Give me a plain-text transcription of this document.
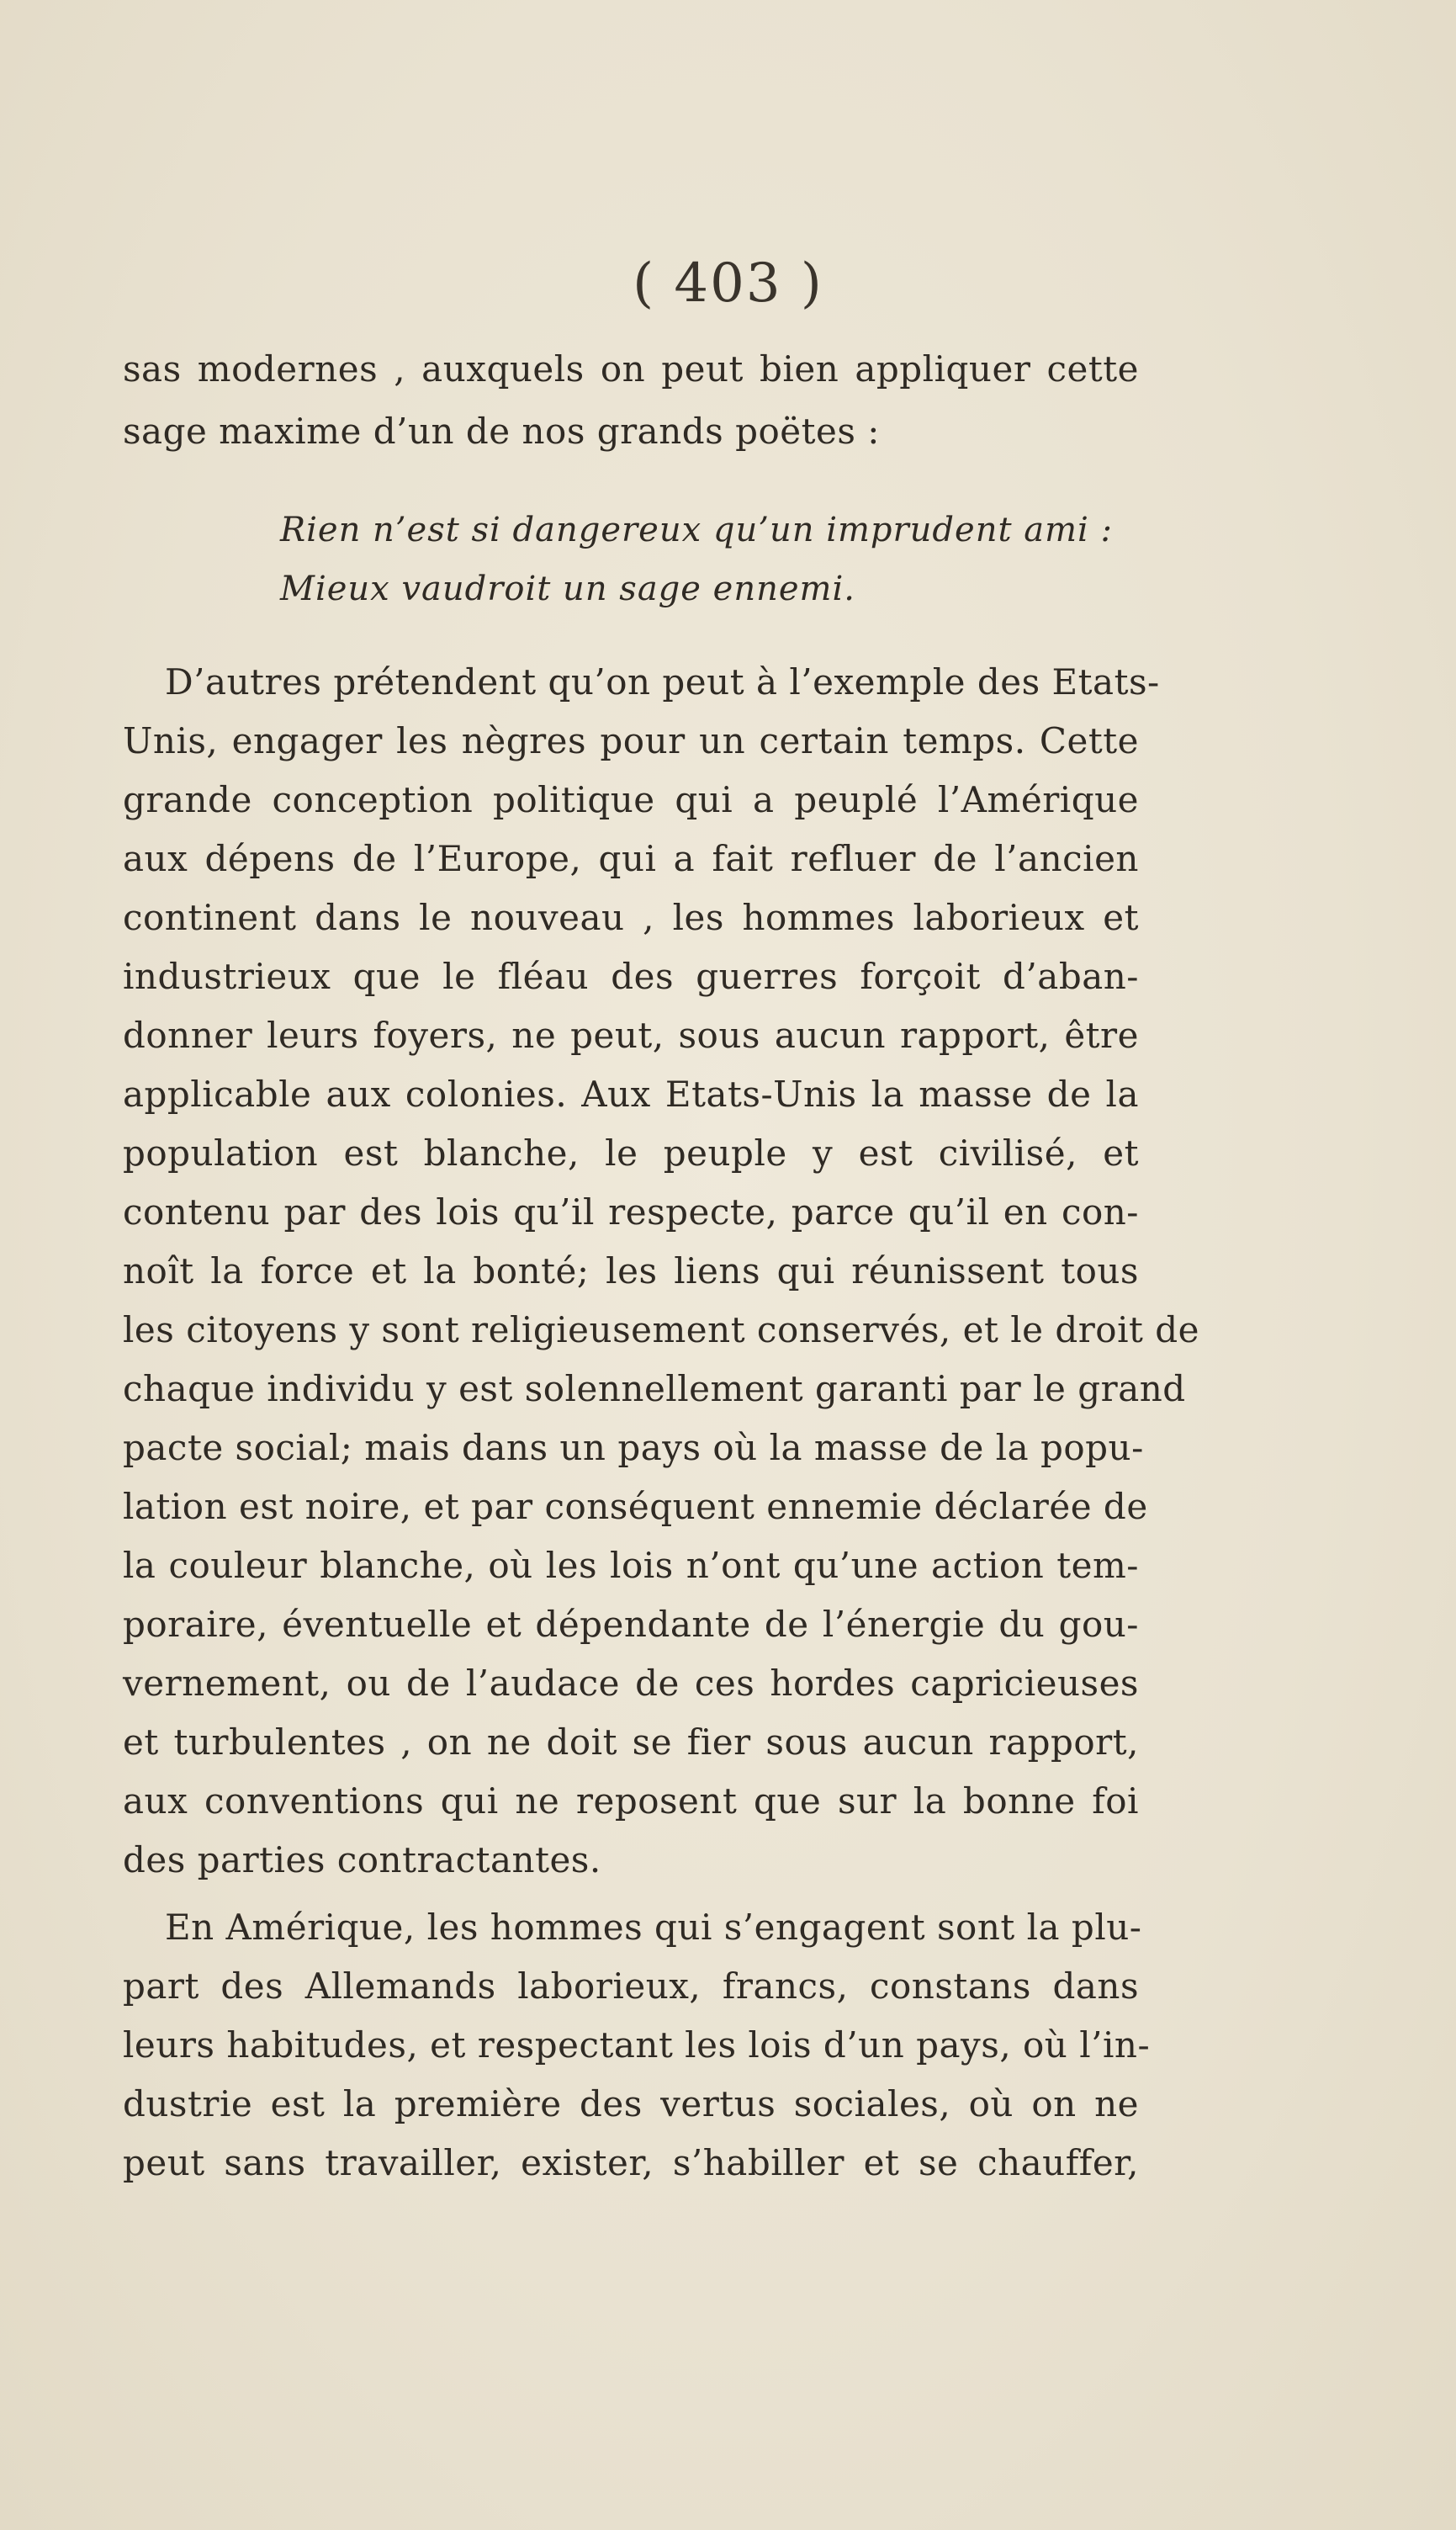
( 403 )
sas modernes , auxquels on peut bien appliquer cette
sage maxime d’un de nos grands poëtes :
Rien n’est si dangereux qu’un imprudent ami :
Mieux vaudroit un sage ennemi.
D’autres prétendent qu’on peut à l’exemple des Etats-
Unis, engager les nègres pour un certain temps. Cette
grande conception politique qui a peuplé l’Amérique
aux dépens de l’Europe, qui a fait refluer de l’ancien
continent dans le nouveau , les hommes laborieux et
industrieux que le fléau des guerres forçoit d’aban-
donner leurs foyers, ne peut, sous aucun rapport, être
applicable aux colonies. Aux Etats-Unis la masse de la
population est blanche, le peuple y est civilisé, et
contenu par des lois qu’il respecte, parce qu’il en con-
noît la force et la bonté; les liens qui réunissent tous
les citoyens y sont religieusement conservés, et le droit de
chaque individu y est solennellement garanti par le grand
pacte social; mais dans un pays où la masse de la popu-
lation est noire, et par conséquent ennemie déclarée de
la couleur blanche, où les lois n’ont qu’une action tem-
poraire, éventuelle et dépendante de l’énergie du gou-
vernement, ou de l’audace de ces hordes capricieuses
et turbulentes , on ne doit se fier sous aucun rapport,
aux conventions qui ne reposent que sur la bonne foi
des parties contractantes.
En Amérique, les hommes qui s’engagent sont la plu-
part des Allemands laborieux, francs, constans dans
leurs habitudes, et respectant les lois d’un pays, où l’in-
dustrie est la première des vertus sociales, où on ne
peut sans travailler, exister, s’habiller et se chauffer,
